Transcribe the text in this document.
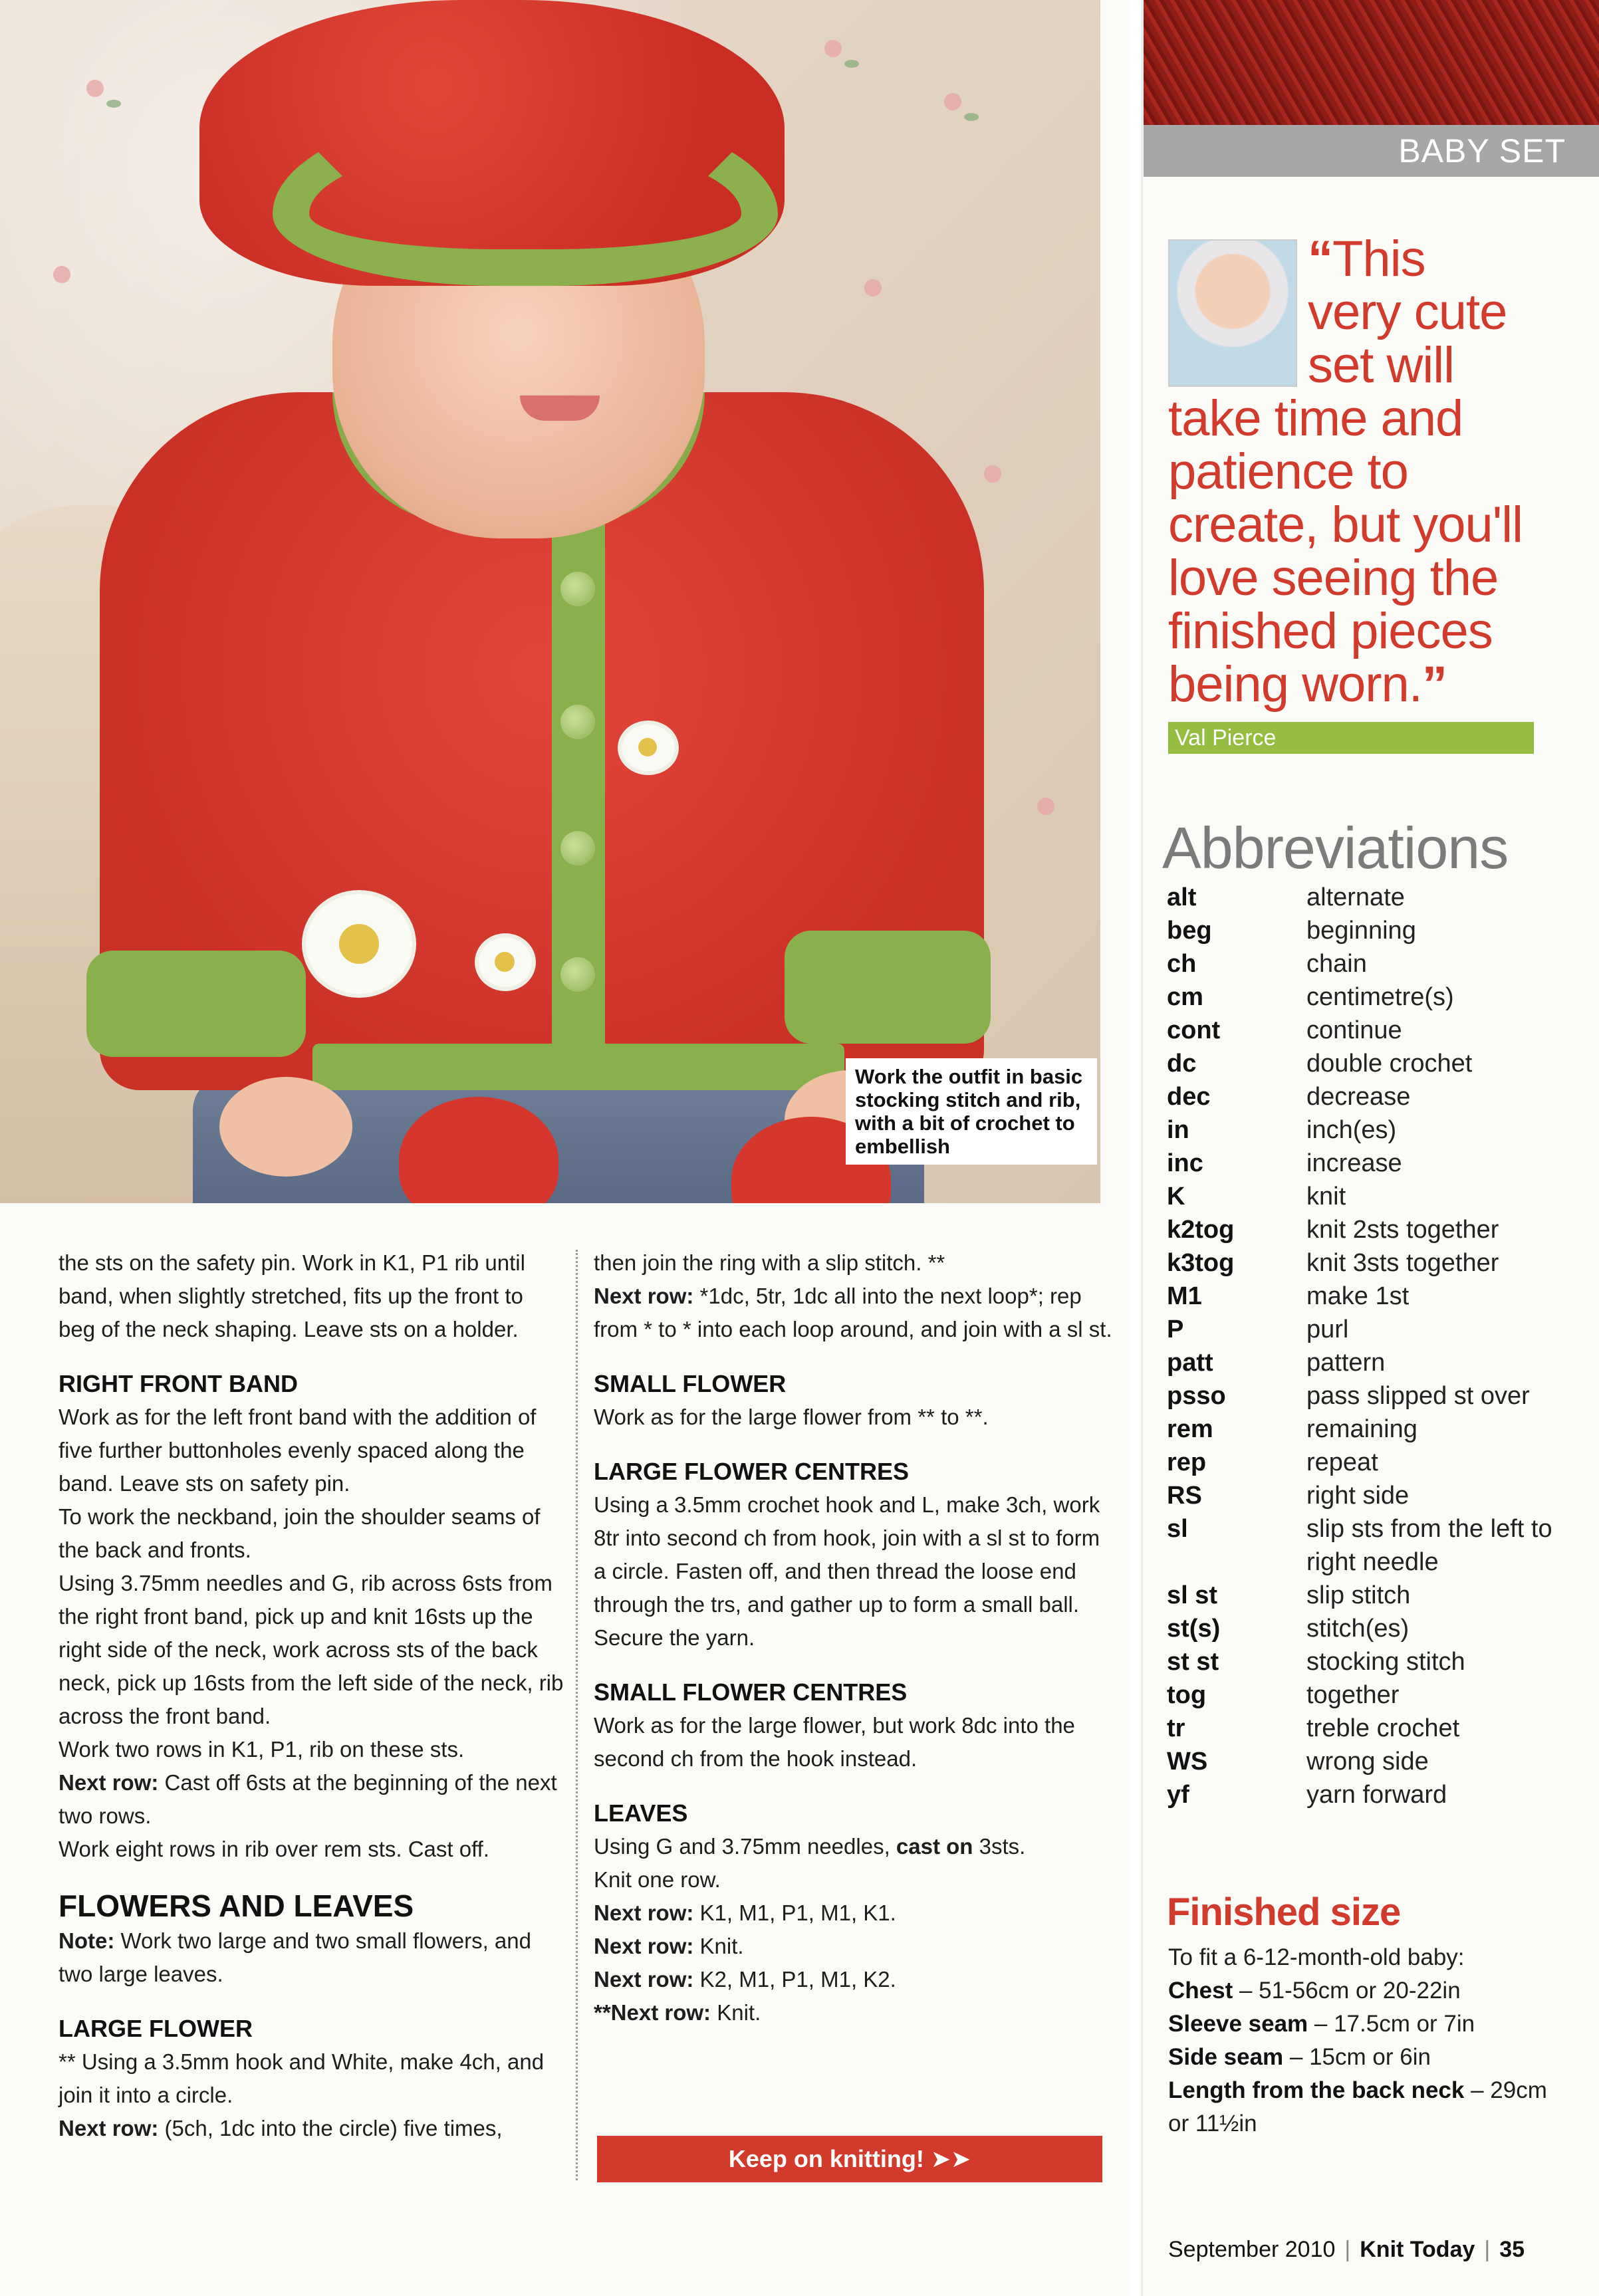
Work the outfit in basic stocking stitch and rib, with a bit of crochet to embellish
BABY SET
“This
very cute
set will
take time and patience to create, but you'll love seeing the finished pieces being worn.”
Val Pierce
Abbreviations
alt	alternate
beg	beginning
ch	chain
cm	centimetre(s)
cont	continue
dc	double crochet
dec	decrease
in	inch(es)
inc	increase
K	knit
k2tog	knit 2sts together
k3tog	knit 3sts together
M1	make 1st
P	purl
patt	pattern
psso	pass slipped st over
rem	remaining
rep	repeat
RS	right side
sl	slip sts from the left to right needle
sl st	slip stitch
st(s)	stitch(es)
st st	stocking stitch
tog	together
tr	treble crochet
WS	wrong side
yf	yarn forward
Finished size
To fit a 6-12-month-old baby:
Chest – 51-56cm or 20-22in
Sleeve seam – 17.5cm or 7in
Side seam – 15cm or 6in
Length from the back neck – 29cm or 11½in
September 2010 | Knit Today | 35

the sts on the safety pin. Work in K1, P1 rib until band, when slightly stretched, fits up the front to beg of the neck shaping. Leave sts on a holder.

RIGHT FRONT BAND

Work as for the left front band with the addition of five further buttonholes evenly spaced along the band. Leave sts on safety pin.

To work the neckband, join the shoulder seams of the back and fronts.

Using 3.75mm needles and G, rib across 6sts from the right front band, pick up and knit 16sts up the right side of the neck, work across sts of the back neck, pick up 16sts from the left side of the neck, rib across the front band.

Work two rows in K1, P1, rib on these sts.

Next row: Cast off 6sts at the beginning of the next two rows.

Work eight rows in rib over rem sts. Cast off.

FLOWERS AND LEAVES

Note: Work two large and two small flowers, and two large leaves.

LARGE FLOWER

** Using a 3.5mm hook and White, make 4ch, and join it into a circle.

Next row: (5ch, 1dc into the circle) five times,

then join the ring with a slip stitch. **

Next row: *1dc, 5tr, 1dc all into the next loop*; rep from * to * into each loop around, and join with a sl st.

SMALL FLOWER

Work as for the large flower from ** to **.

LARGE FLOWER CENTRES

Using a 3.5mm crochet hook and L, make 3ch, work 8tr into second ch from hook, join with a sl st to form a circle. Fasten off, and then thread the loose end through the trs, and gather up to form a small ball. Secure the yarn.

SMALL FLOWER CENTRES

Work as for the large flower, but work 8dc into the second ch from the hook instead.

LEAVES

Using G and 3.75mm needles, cast on 3sts.

Knit one row.

Next row: K1, M1, P1, M1, K1.

Next row: Knit.

Next row: K2, M1, P1, M1, K2.

**Next row: Knit.

Keep on knitting! ➤➤
